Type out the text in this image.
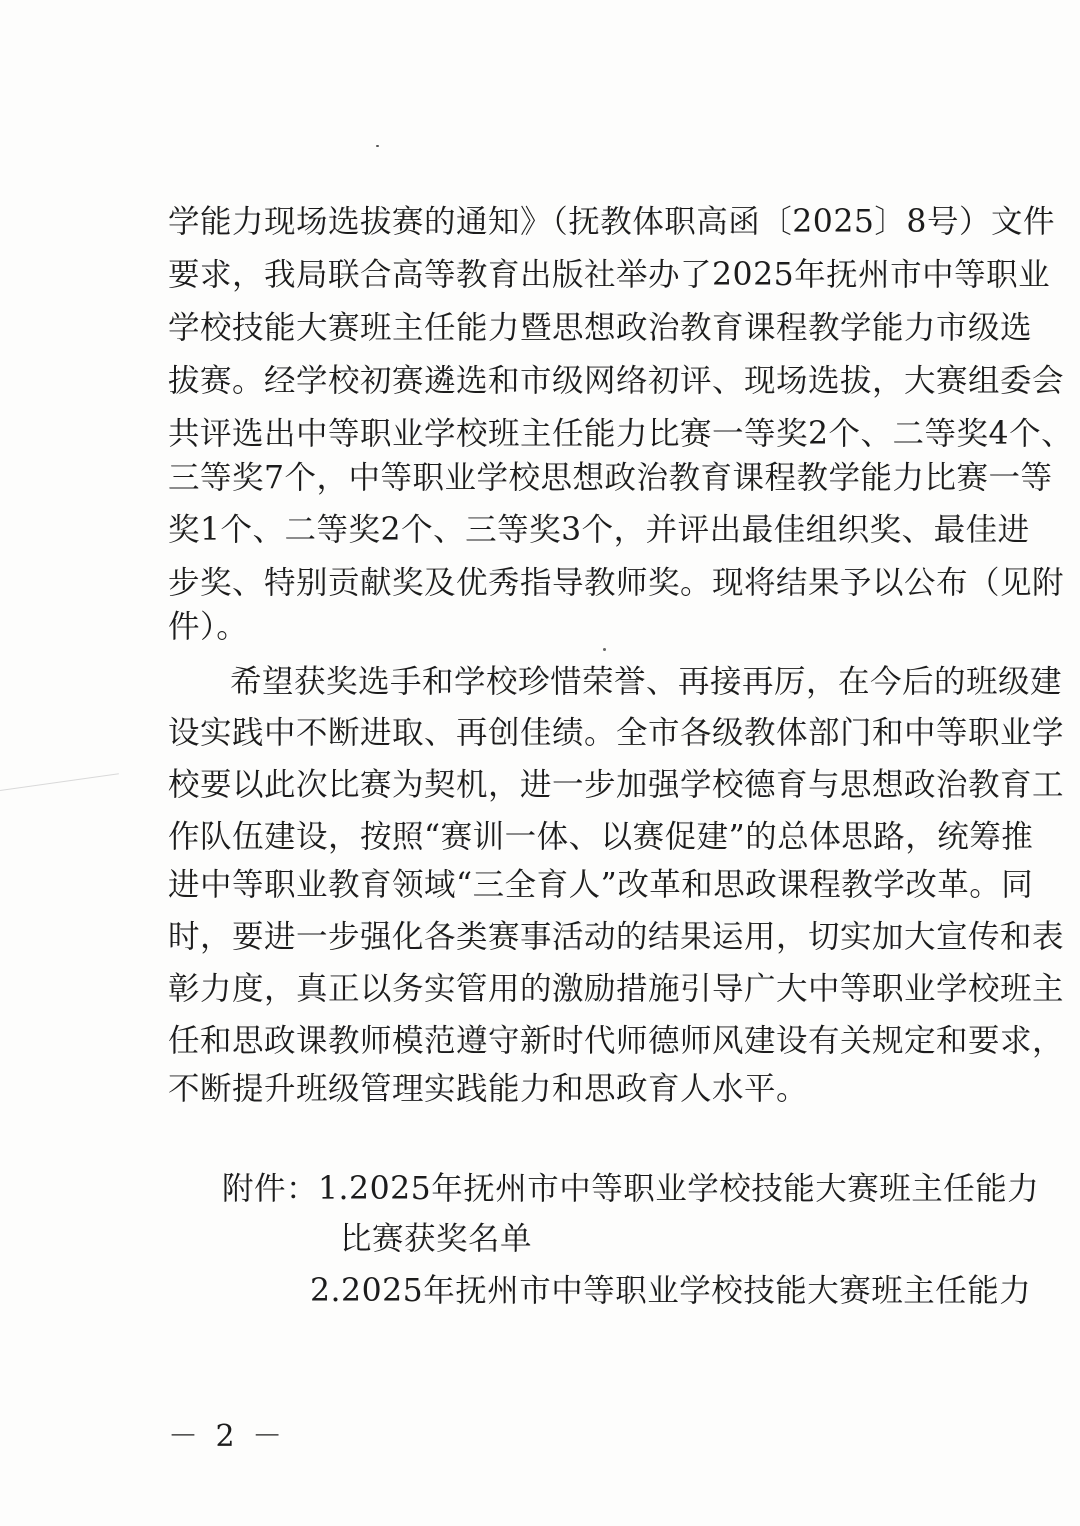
学能力现场选拔赛的通知》（抚教体职高函〔2025〕8号）文件
要求，我局联合高等教育出版社举办了2025年抚州市中等职业
学校技能大赛班主任能力暨思想政治教育课程教学能力市级选
拔赛。经学校初赛遴选和市级网络初评、现场选拔，大赛组委会
共评选出中等职业学校班主任能力比赛一等奖2个、二等奖4个、
三等奖7个，中等职业学校思想政治教育课程教学能力比赛一等
奖1个、二等奖2个、三等奖3个，并评出最佳组织奖、最佳进
步奖、特别贡献奖及优秀指导教师奖。现将结果予以公布（见附
件）。
希望获奖选手和学校珍惜荣誉、再接再厉，在今后的班级建
设实践中不断进取、再创佳绩。全市各级教体部门和中等职业学
校要以此次比赛为契机，进一步加强学校德育与思想政治教育工
作队伍建设，按照“赛训一体、以赛促建”的总体思路，统筹推
进中等职业教育领域“三全育人”改革和思政课程教学改革。同
时，要进一步强化各类赛事活动的结果运用，切实加大宣传和表
彰力度，真正以务实管用的激励措施引导广大中等职业学校班主
任和思政课教师模范遵守新时代师德师风建设有关规定和要求，
不断提升班级管理实践能力和思政育人水平。
附件：1.2025年抚州市中等职业学校技能大赛班主任能力
比赛获奖名单
2.2025年抚州市中等职业学校技能大赛班主任能力
－ 2 －
